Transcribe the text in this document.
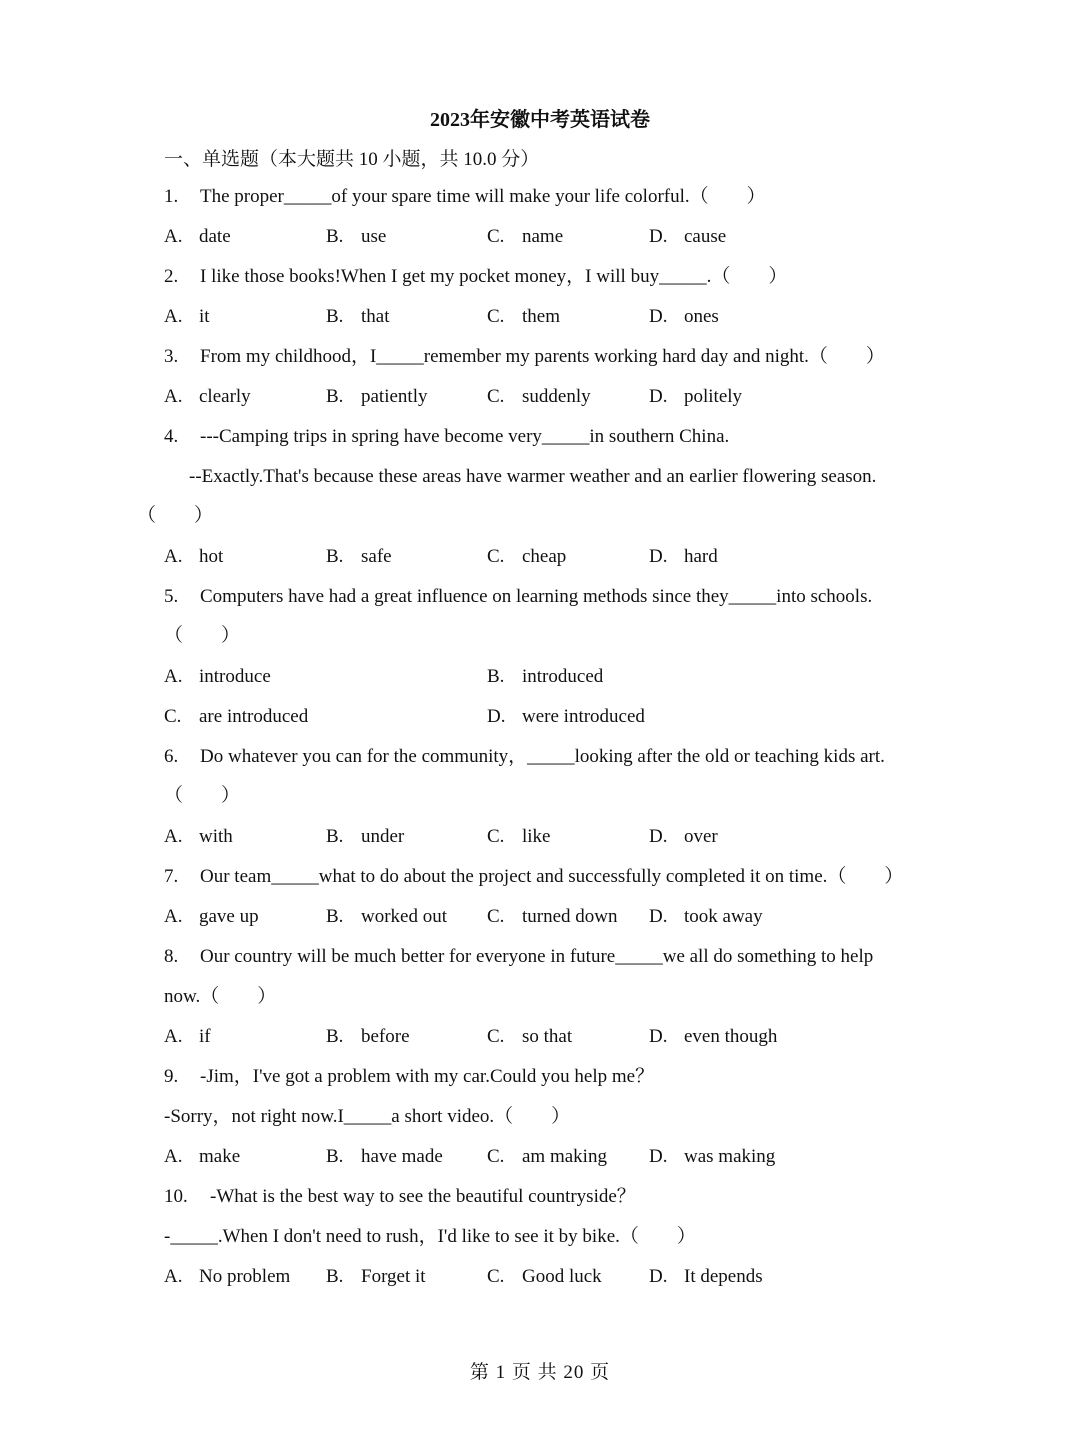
2023年安徽中考英语试卷
一、单选题（本大题共 10 小题，共 10.0 分）
1. The proper_____of your spare time will make your life colorful.（　　）
A. date	B. use	C. name	D. cause
2. I like those books!When I get my pocket money，I will buy_____.（　　）
A. it	B. that	C. them	D. ones
3. From my childhood，I_____remember my parents working hard day and night.（　　）
A. clearly	B. patiently	C. suddenly	D. politely
4. ---Camping trips in spring have become very_____in southern China.
--Exactly.That's because these areas have warmer weather and an earlier flowering season.
（　　）
A. hot	B. safe	C. cheap	D. hard
5. Computers have had a great influence on learning methods since they_____into schools.
（　　）
A. introduce	B. introduced
C. are introduced	D. were introduced
6. Do whatever you can for the community，_____looking after the old or teaching kids art.
（　　）
A. with	B. under	C. like	D. over
7. Our team_____what to do about the project and successfully completed it on time.（　　）
A. gave up	B. worked out C. turned down D. took away
8. Our country will be much better for everyone in future_____we all do something to help
now.（　　）
A. if	B. before	C. so that	D. even though
9. -Jim，I've got a problem with my car.Could you help me？
-Sorry，not right now.I_____a short video.（　　）
A. make	B. have made C. am making D. was making
10. -What is the best way to see the beautiful countryside？
-_____.When I don't need to rush，I'd like to see it by bike.（　　）
A. No problem B. Forget it	C. Good luck D. It depends
第 1 页 共 20 页
